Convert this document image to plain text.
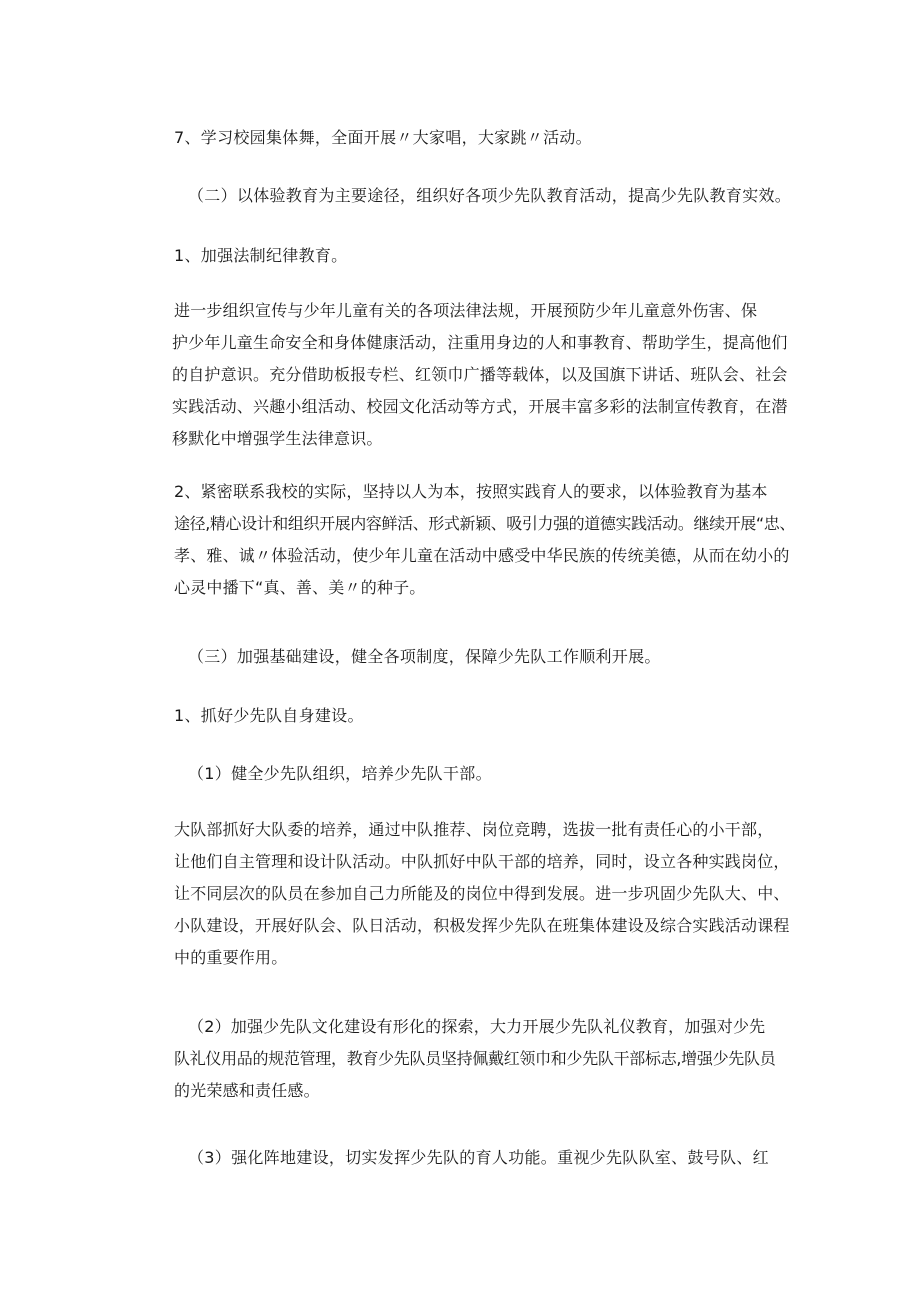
7、学习校园集体舞，全面开展〃大家唱，大家跳〃活动。

（二）以体验教育为主要途径，组织好各项少先队教育活动，提高少先队教育实效。

1、加强法制纪律教育。

进一步组织宣传与少年儿童有关的各项法律法规，开展预防少年儿童意外伤害、保
护少年儿童生命安全和身体健康活动，注重用身边的人和事教育、帮助学生，提高他们
的自护意识。充分借助板报专栏、红领巾广播等载体，以及国旗下讲话、班队会、社会
实践活动、兴趣小组活动、校园文化活动等方式，开展丰富多彩的法制宣传教育，在潜
移默化中增强学生法律意识。
2、紧密联系我校的实际，坚持以人为本，按照实践育人的要求，以体验教育为基本
途径,精心设计和组织开展内容鲜活、形式新颖、吸引力强的道德实践活动。继续开展“忠、
孝、雅、诚〃体验活动，使少年儿童在活动中感受中华民族的传统美德，从而在幼小的
心灵中播下“真、善、美〃的种子。

（三）加强基础建设，健全各项制度，保障少先队工作顺利开展。

1、抓好少先队自身建设。

（1）健全少先队组织，培养少先队干部。

大队部抓好大队委的培养，通过中队推荐、岗位竞聘，选拔一批有责任心的小干部，
让他们自主管理和设计队活动。中队抓好中队干部的培养，同时，设立各种实践岗位，
让不同层次的队员在参加自己力所能及的岗位中得到发展。进一步巩固少先队大、中、
小队建设，开展好队会、队日活动，积极发挥少先队在班集体建设及综合实践活动课程
中的重要作用。
（2）加强少先队文化建设有形化的探索，大力开展少先队礼仪教育，加强对少先
队礼仪用品的规范管理，教育少先队员坚持佩戴红领巾和少先队干部标志,增强少先队员
的光荣感和责任感。

（3）强化阵地建设，切实发挥少先队的育人功能。重视少先队队室、鼓号队、红
